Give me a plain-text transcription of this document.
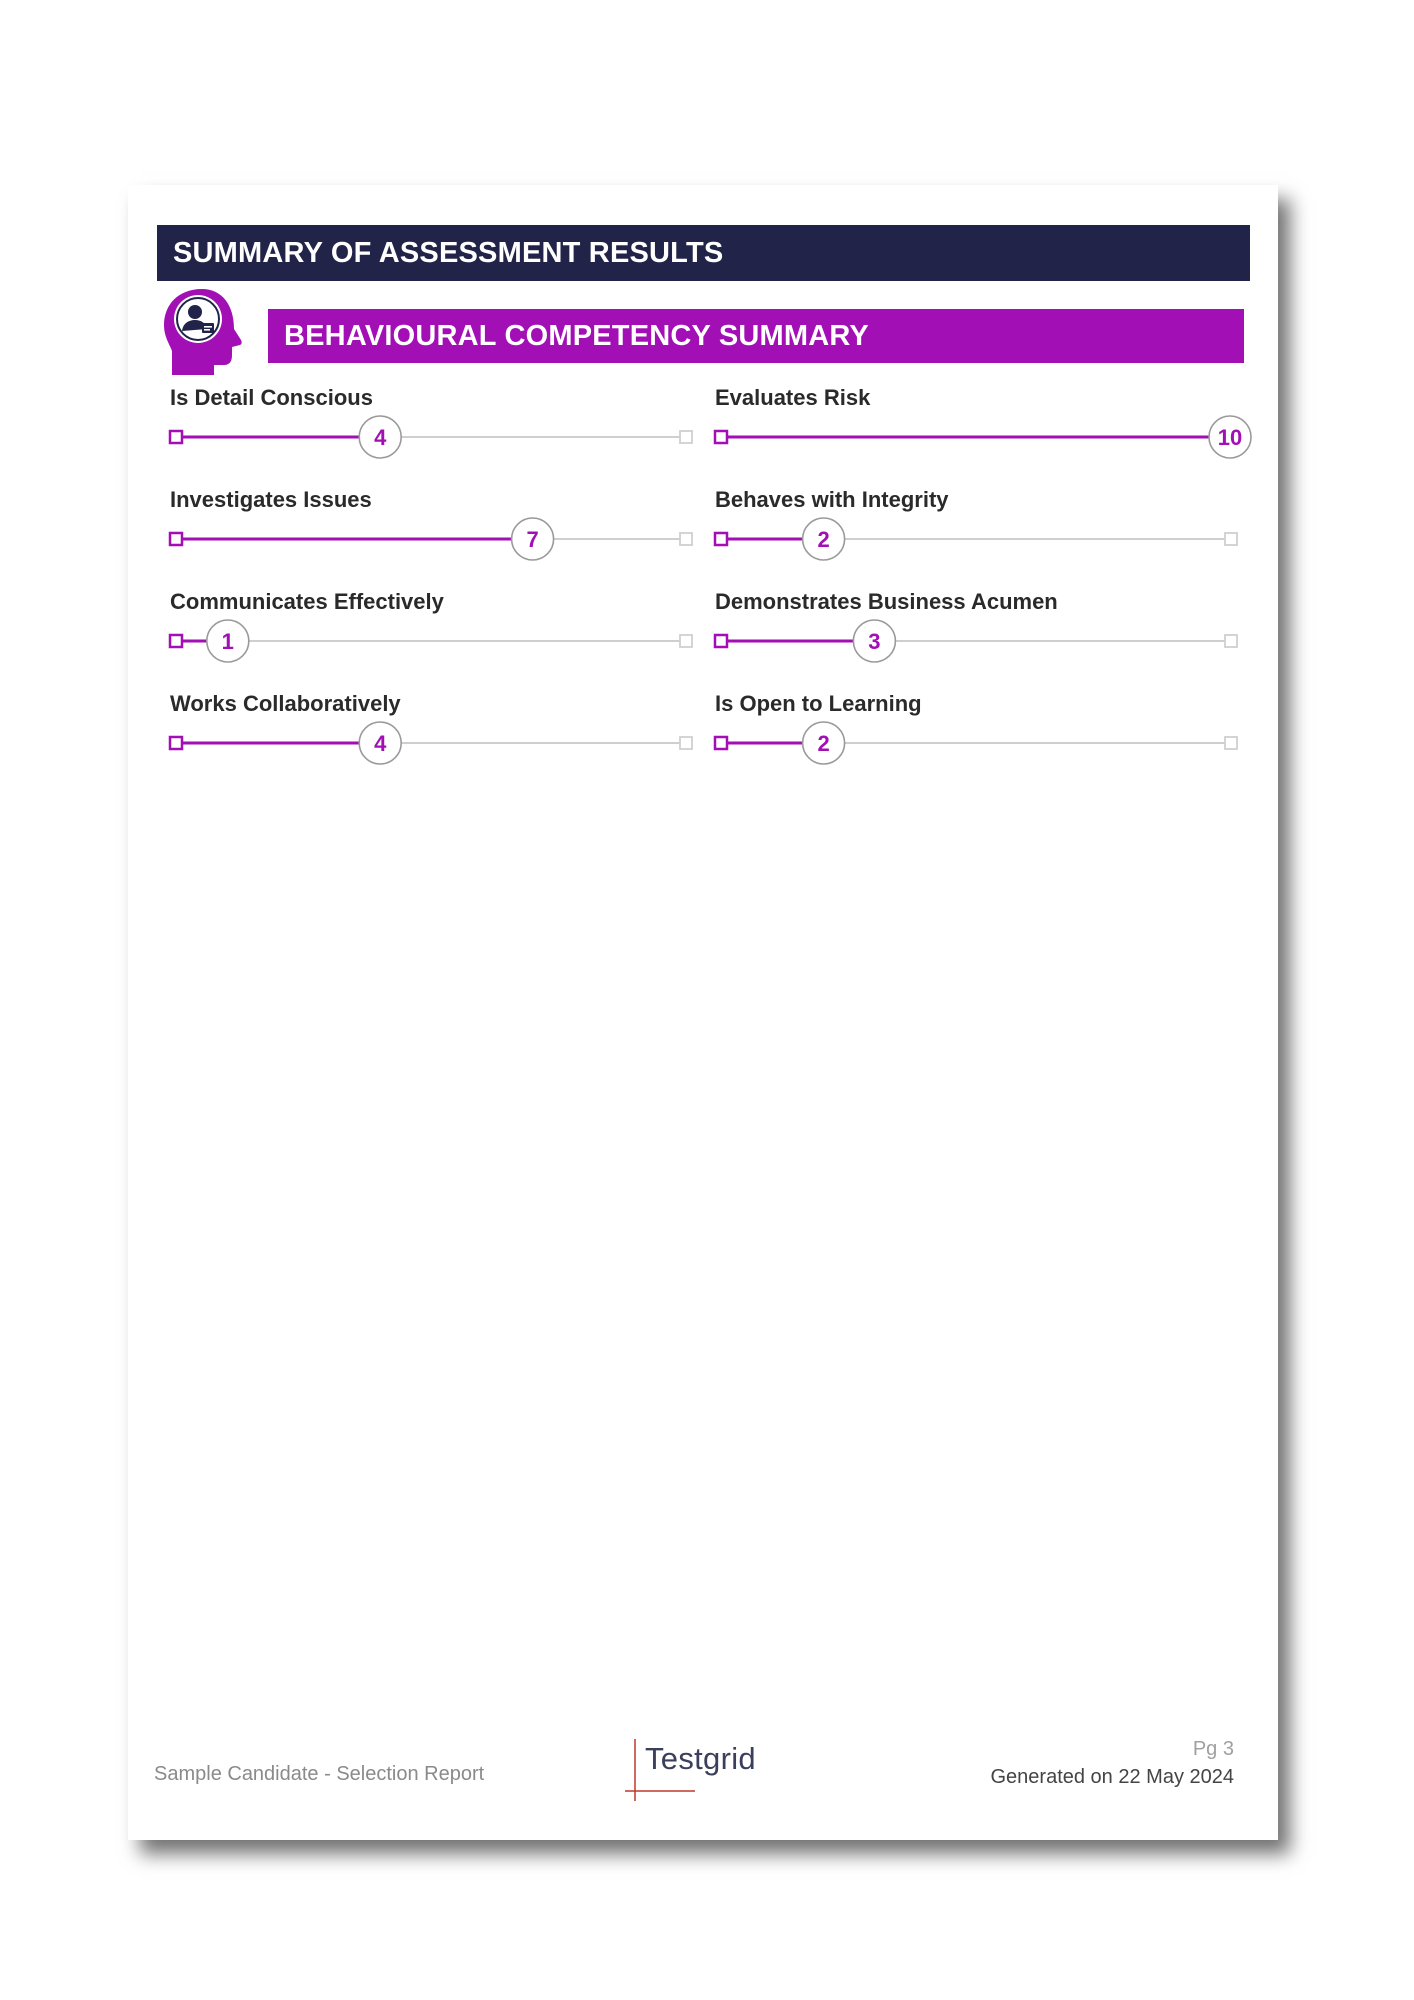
SUMMARY OF ASSESSMENT RESULTS
BEHAVIOURAL COMPETENCY SUMMARY
Is Detail Conscious
4
Investigates Issues
7
Communicates Effectively
1
Works Collaboratively
4
Evaluates Risk
10
Behaves with Integrity
2
Demonstrates Business Acumen
3
Is Open to Learning
2
Sample Candidate - Selection Report	Testgrid	Pg 3
Generated on 22 May 2024
